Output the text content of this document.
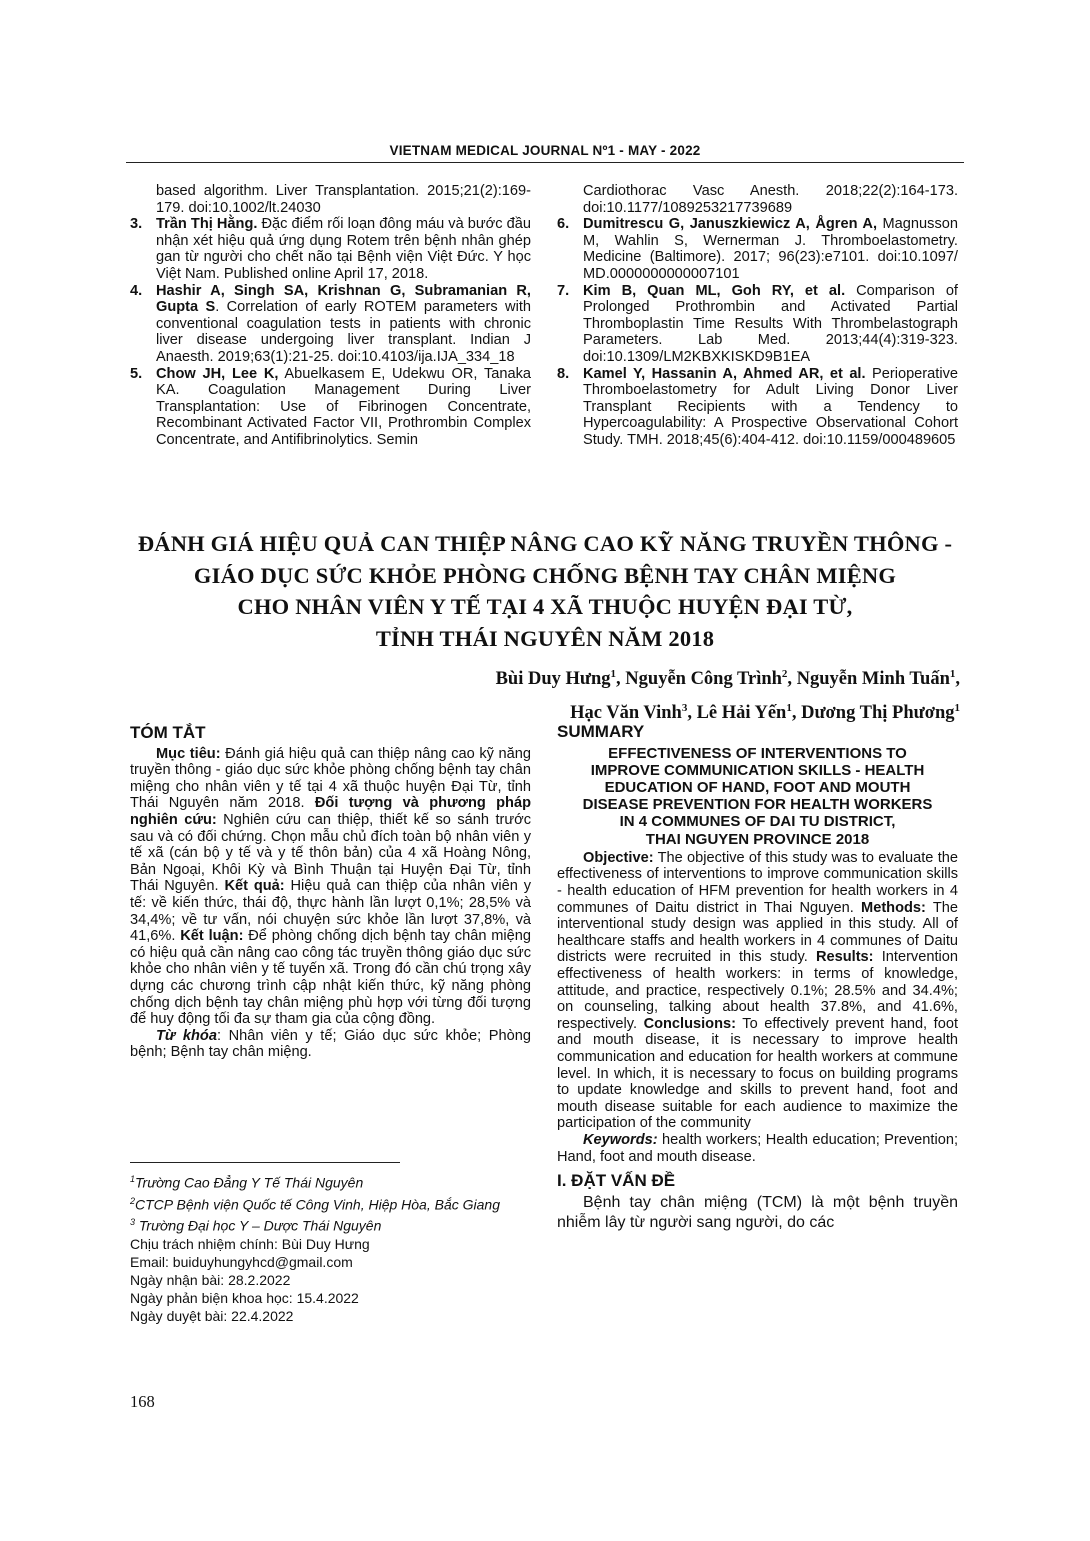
VIETNAM MEDICAL JOURNAL Nº1 - MAY - 2022

based algorithm. Liver Transplantation. 2015;21(2):169-179. doi:10.1002/lt.24030

3. Trần Thị Hằng. Đặc điểm rối loạn đông máu và bước đầu nhận xét hiệu quả ứng dụng Rotem trên bệnh nhân ghép gan từ người cho chết não tại Bệnh viện Việt Đức. Y học Việt Nam. Published online April 17, 2018.

4. Hashir A, Singh SA, Krishnan G, Subramanian R, Gupta S. Correlation of early ROTEM parameters with conventional coagulation tests in patients with chronic liver disease undergoing liver transplant. Indian J Anaesth. 2019;63(1):21-25. doi:10.4103/ija.IJA_334_18

5. Chow JH, Lee K, Abuelkasem E, Udekwu OR, Tanaka KA. Coagulation Management During Liver Transplantation: Use of Fibrinogen Concentrate, Recombinant Activated Factor VII, Prothrombin Complex Concentrate, and Antifibrinolytics. Semin

Cardiothorac Vasc Anesth. 2018;22(2):164-173. doi:10.1177/1089253217739689

6. Dumitrescu G, Januszkiewicz A, Ågren A, Magnusson M, Wahlin S, Wernerman J. Thromboelastometry. Medicine (Baltimore). 2017; 96(23):e7101. doi:10.1097/ MD.0000000000007101

7. Kim B, Quan ML, Goh RY, et al. Comparison of Prolonged Prothrombin and Activated Partial Thromboplastin Time Results With Thrombelastograph Parameters. Lab Med. 2013;44(4):319-323. doi:10.1309/LM2KBXKISKD9B1EA

8. Kamel Y, Hassanin A, Ahmed AR, et al. Perioperative Thromboelastometry for Adult Living Donor Liver Transplant Recipients with a Tendency to Hypercoagulability: A Prospective Observational Cohort Study. TMH. 2018;45(6):404-412. doi:10.1159/000489605

ĐÁNH GIÁ HIỆU QUẢ CAN THIỆP NÂNG CAO KỸ NĂNG TRUYỀN THÔNG -
GIÁO DỤC SỨC KHỎE PHÒNG CHỐNG BỆNH TAY CHÂN MIỆNG
CHO NHÂN VIÊN Y TẾ TẠI 4 XÃ THUỘC HUYỆN ĐẠI TỪ,
TỈNH THÁI NGUYÊN NĂM 2018
Bùi Duy Hưng$^1$, Nguyễn Công Trình$^2$, Nguyễn Minh Tuấn$^1$,
Hạc Văn Vinh$^3$, Lê Hải Yến$^1$, Dương Thị Phương$^1$

TÓM TẮT

Mục tiêu: Đánh giá hiệu quả can thiệp nâng cao kỹ năng truyền thông - giáo dục sức khỏe phòng chống bệnh tay chân miệng cho nhân viên y tế tại 4 xã thuộc huyện Đại Từ, tỉnh Thái Nguyên năm 2018. Đối tượng và phương pháp nghiên cứu: Nghiên cứu can thiệp, thiết kế so sánh trước sau và có đối chứng. Chọn mẫu chủ đích toàn bộ nhân viên y tế xã (cán bộ y tế và y tế thôn bản) của 4 xã Hoàng Nông, Bản Ngoại, Khôi Kỳ và Bình Thuận tại Huyện Đại Từ, tỉnh Thái Nguyên. Kết quả: Hiệu quả can thiệp của nhân viên y tế: về kiến thức, thái độ, thực hành lần lượt 0,1%; 28,5% và 34,4%; về tư vấn, nói chuyện sức khỏe lần lượt 37,8%, và 41,6%. Kết luận: Để phòng chống dịch bệnh tay chân miệng có hiệu quả cần nâng cao công tác truyền thông giáo dục sức khỏe cho nhân viên y tế tuyến xã. Trong đó cần chú trọng xây dựng các chương trình cập nhật kiến thức, kỹ năng phòng chống dịch bệnh tay chân miệng phù hợp với từng đối tượng để huy động tối đa sự tham gia của cộng đồng.

Từ khóa: Nhân viên y tế; Giáo dục sức khỏe; Phòng bệnh; Bệnh tay chân miệng.

$^1$Trường Cao Đẳng Y Tế Thái Nguyên
$^2$CTCP Bệnh viện Quốc tế Công Vinh, Hiệp Hòa, Bắc Giang
$^3$ Trường Đại học Y – Dược Thái Nguyên
Chịu trách nhiệm chính: Bùi Duy Hưng
Email: buiduyhungyhcd@gmail.com
Ngày nhận bài: 28.2.2022
Ngày phản biện khoa học: 15.4.2022
Ngày duyệt bài: 22.4.2022
168

SUMMARY

EFFECTIVENESS OF INTERVENTIONS TO
IMPROVE COMMUNICATION SKILLS - HEALTH
EDUCATION OF HAND, FOOT AND MOUTH
DISEASE PREVENTION FOR HEALTH WORKERS
IN 4 COMMUNES OF DAI TU DISTRICT,
THAI NGUYEN PROVINCE 2018

Objective: The objective of this study was to evaluate the effectiveness of interventions to improve communication skills - health education of HFM prevention for health workers in 4 communes of Daitu district in Thai Nguyen. Methods: The interventional study design was applied in this study. All of healthcare staffs and health workers in 4 communes of Daitu districts were recruited in this study. Results: Intervention effectiveness of health workers: in terms of knowledge, attitude, and practice, respectively 0.1%; 28.5% and 34.4%; on counseling, talking about health 37.8%, and 41.6%, respectively. Conclusions: To effectively prevent hand, foot and mouth disease, it is necessary to improve health communication and education for health workers at commune level. In which, it is necessary to focus on building programs to update knowledge and skills to prevent hand, foot and mouth disease suitable for each audience to maximize the participation of the community

Keywords: health workers; Health education; Prevention; Hand, foot and mouth disease.

I. ĐẶT VẤN ĐỀ

Bệnh tay chân miệng (TCM) là một bệnh truyền nhiễm lây từ người sang người, do các
